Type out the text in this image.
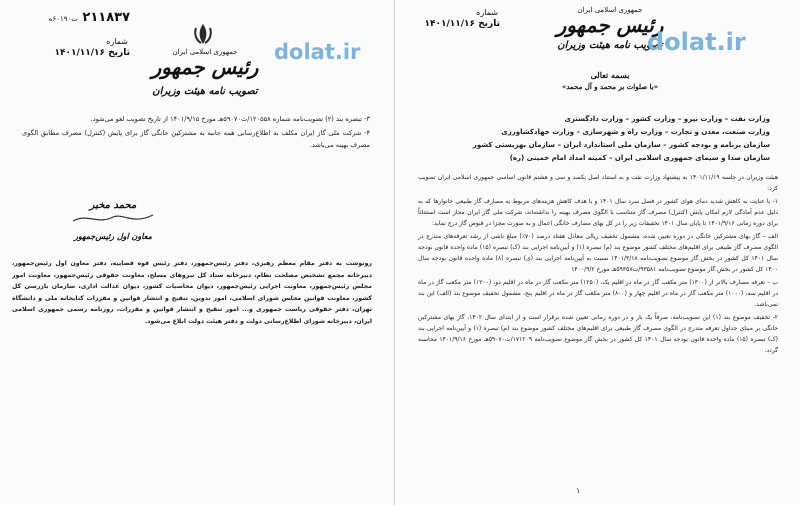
۲۱۱۸۳۷ ت۶۰۱۹۰ه
شماره
تاریخ ۱۴۰۱/۱۱/۱۶	جمهوری اسلامی ایران
رئیس جمهور
تصویب نامه هیئت وزیران
dolat.ir

۳- تبصره بند (۲) تصویب‌نامه شماره ۱۲۰۵۵۸/ت۵۹۰۷۰هـ مورخ ۱۴۰۱/۹/۱۵ از تاریخ تصویب لغو می‌شود.

۴- شرکت ملی گاز ایران مکلف به اطلاع‌رسانی همه جانبه به مشترکین خانگی گاز برای پایش (کنترل) مصرف مطابق الگوی مصرف بهینه می‌باشد.

محمد مخبر
معاون اول رئیس‌جمهور
رونوشت به دفتر مقام معظم رهبری، دفتر رئیس‌جمهور، دفتر رئیس قوه قضاییه، دفتر معاون اول رئیس‌جمهور، دبیرخانه مجمع تشخیص مصلحت نظام، دبیرخانه ستاد کل نیروهای مسلح، معاونت حقوقی رئیس‌جمهور، معاونت امور مجلس رئیس‌جمهور، معاونت اجرایی رئیس‌جمهور، دیوان محاسبات کشور، دیوان عدالت اداری، سازمان بازرسی کل کشور، معاونت قوانین مجلس شورای اسلامی، امور تدوین، تنقیح و انتشار قوانین و مقررات کتابخانه ملی و دانشگاه تهران، دفتر حقوقی ریاست جمهوری و... امور تنقیح و انتشار قوانین و مقررات، روزنامه رسمی جمهوری اسلامی ایران، دبیرخانه شورای اطلاع‌رسانی دولت و دفتر هیئت دولت ابلاغ می‌شود.
شماره
تاریخ ۱۴۰۱/۱۱/۱۶
جمهوری اسلامی ایران
رئیس جمهور
تصویب نامه هیئت وزیران
dolat.ir
بسمه تعالی
«با صلوات بر محمد و آل محمد»
وزارت نفت – وزارت نیرو – وزارت کشور – وزارت دادگستری
وزارت صنعت، معدن و تجارت – وزارت راه و شهرسازی – وزارت جهادکشاورزی
سازمان برنامه و بودجه کشور – سازمان ملی استاندارد ایران – سازمان بهزیستی کشور
سازمان صدا و سیمای جمهوری اسلامی ایران – کمیته امداد امام خمینی (ره)

هیئت وزیران در جلسه ۱۴۰۱/۱۱/۱۹ به پیشنهاد وزارت نفت و به استناد اصل یکصد و سی و هشتم قانون اساسی جمهوری اسلامی ایران تصویب کرد:

۱- با عنایت به کاهش شدید دمای هوای کشور در فصل سرد سال ۱۴۰۱ و با هدف کاهش هزینه‌های مربوط به مصارف گاز طبیعی خانوارها که به دلیل عدم آمادگی لازم امکان پایش (کنترل) مصرف گاز متناسب با الگوی مصرف بهینه را نداشته‌اند، شرکت ملی گاز ایران مجاز است استثنائاً برای دوره زمانی ۱۴۰۱/۹/۱۶ تا پایان سال ۱۴۰۱ تخفیفات زیر را در کل بهای مصارف خانگی اعمال و به صورت مجزا در قبوض گاز درج نماید:

الف – گاز بهای مشترکین خانگی در دوره تعیین شده، مشمول تخفیف ریالی معادل هفتاد درصد (۷۰٪) مبلغ ناشی از رشد تعرفه‌های متدرج در الگوی مصرف گاز طبیعی برای اقلیم‌های مختلف کشور موضوع بند (م) تبصره (۱) و آیین‌نامه اجرایی بند (ک) تبصره (۱۵) ماده واحده قانون بودجه سال ۱۴۰۱ کل کشور در بخش گاز موضوع تصویب‌نامه ۱۴۰۱/۳/۱۸ نسبت به آیین‌نامه اجرایی بند (ی) تبصره (۸) ماده واحده قانون بودجه سال ۱۴۰۰ کل کشور در بخش گاز موضوع تصویب‌نامه ۹۳۵۸۱/ت۵۹۳۵۷هـ مورخ ۱۴۰۰/۹/۲

ب – تعرفه مصارف بالاتر از (۱۳۰۰) متر مکعب گاز در ماه در اقلیم یک، (۱۲۵۰) متر مکعب گاز در ماه در اقلیم دو، (۱۲۰۰) متر مکعب گاز در ماه در اقلیم سه، (۱۰۰۰) متر مکعب گاز در ماه در اقلیم چهار و (۸۰۰) متر مکعب گاز در ماه در اقلیم پنج، مشمول تخفیف موضوع بند (الف) این بند نمی‌باشد.

۲- تخفیف موضوع بند (۱) این تصویب‌نامه، صرفاً یک بار و در دوره زمانی تعیین شده برقرار است و از ابتدای سال ۱۴۰۲، گاز بهای مشترکین خانگی بر مبنای جداول تعرفه متدرج در الگوی مصرف گاز طبیعی برای اقلیم‌های مختلف کشور موضوع بند (م) تبصره (۱) و آیین‌نامه اجرایی بند (ک) تبصره (۱۵) ماده واحده قانون بودجه سال ۱۴۰۱ کل کشور در بخش گاز موضوع تصویب‌نامه ۱۷۱۲۰۹/ت۵۹۰۷۰هـ مورخ ۱۴۰۱/۹/۱۶ محاسبه گردد.

۱
